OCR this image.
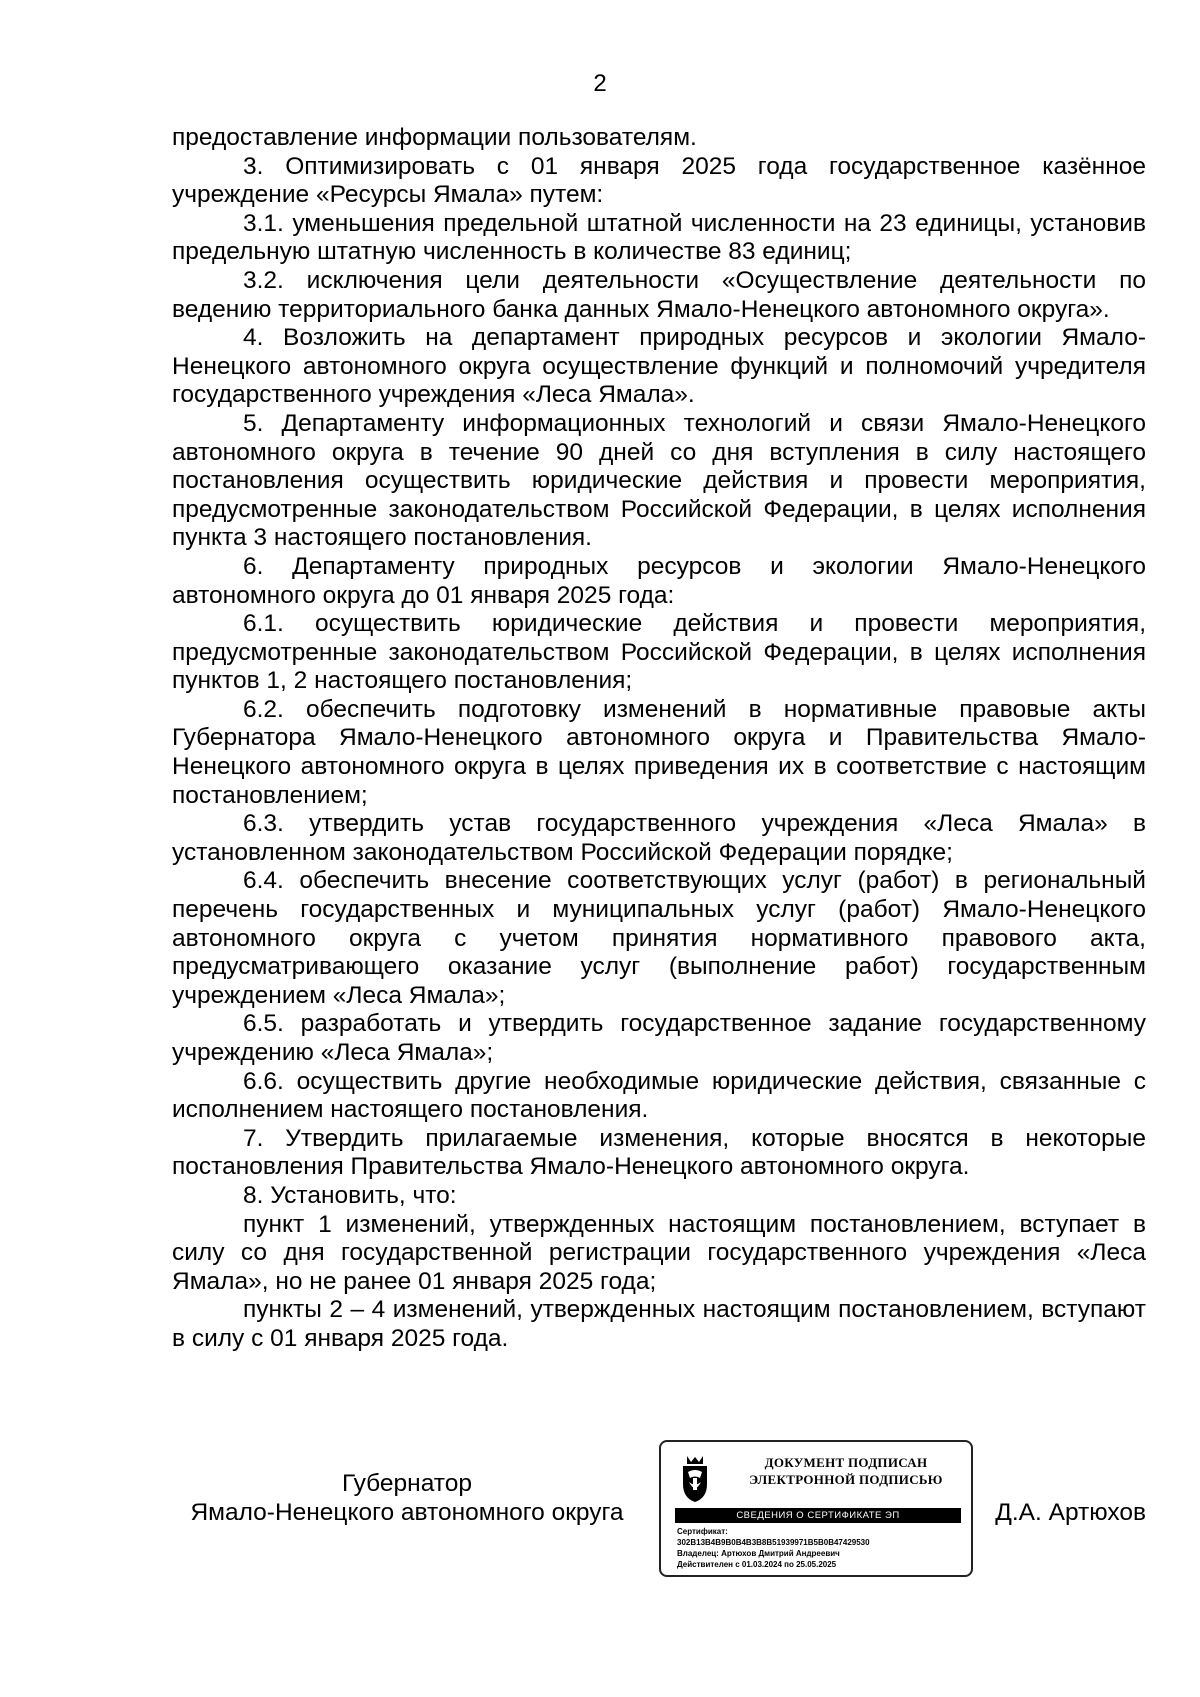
2

предоставление информации пользователям.

3. Оптимизировать с 01 января 2025 года государственное казённое учреждение «Ресурсы Ямала» путем:

3.1. уменьшения предельной штатной численности на 23 единицы, установив предельную штатную численность в количестве 83 единиц;

3.2. исключения цели деятельности «Осуществление деятельности по ведению территориального банка данных Ямало-Ненецкого автономного округа».

4. Возложить на департамент природных ресурсов и экологии Ямало-Ненецкого автономного округа осуществление функций и полномочий учредителя государственного учреждения «Леса Ямала».

5. Департаменту информационных технологий и связи Ямало-Ненецкого автономного округа в течение 90 дней со дня вступления в силу настоящего постановления осуществить юридические действия и провести мероприятия, предусмотренные законодательством Российской Федерации, в целях исполнения пункта 3 настоящего постановления.

6. Департаменту природных ресурсов и экологии Ямало-Ненецкого автономного округа до 01 января 2025 года:

6.1. осуществить юридические действия и провести мероприятия, предусмотренные законодательством Российской Федерации, в целях исполнения пунктов 1, 2 настоящего постановления;

6.2. обеспечить подготовку изменений в нормативные правовые акты Губернатора Ямало-Ненецкого автономного округа и Правительства Ямало-Ненецкого автономного округа в целях приведения их в соответствие с настоящим постановлением;

6.3. утвердить устав государственного учреждения «Леса Ямала» в установленном законодательством Российской Федерации порядке;

6.4. обеспечить внесение соответствующих услуг (работ) в региональный перечень государственных и муниципальных услуг (работ) Ямало-Ненецкого автономного округа с учетом принятия нормативного правового акта, предусматривающего оказание услуг (выполнение работ) государственным учреждением «Леса Ямала»;

6.5. разработать и утвердить государственное задание государственному учреждению «Леса Ямала»;

6.6. осуществить другие необходимые юридические действия, связанные с исполнением настоящего постановления.

7. Утвердить прилагаемые изменения, которые вносятся в некоторые постановления Правительства Ямало-Ненецкого автономного округа.

8. Установить, что:

пункт 1 изменений, утвержденных настоящим постановлением, вступает в силу со дня государственной регистрации государственного учреждения «Леса Ямала», но не ранее 01 января 2025 года;

пункты 2 – 4 изменений, утвержденных настоящим постановлением, вступают в силу с 01 января 2025 года.

Губернатор
Ямало-Ненецкого автономного округа
ДОКУМЕНТ ПОДПИСАН
ЭЛЕКТРОННОЙ ПОДПИСЬЮ
СВЕДЕНИЯ О СЕРТИФИКАТЕ ЭП
Сертификат:
302B13B4B9B0B4B3B8B51939971B5B0B47429530
Владелец: Артюхов Дмитрий Андреевич
Действителен с 01.03.2024 по 25.05.2025
Д.А. Артюхов
